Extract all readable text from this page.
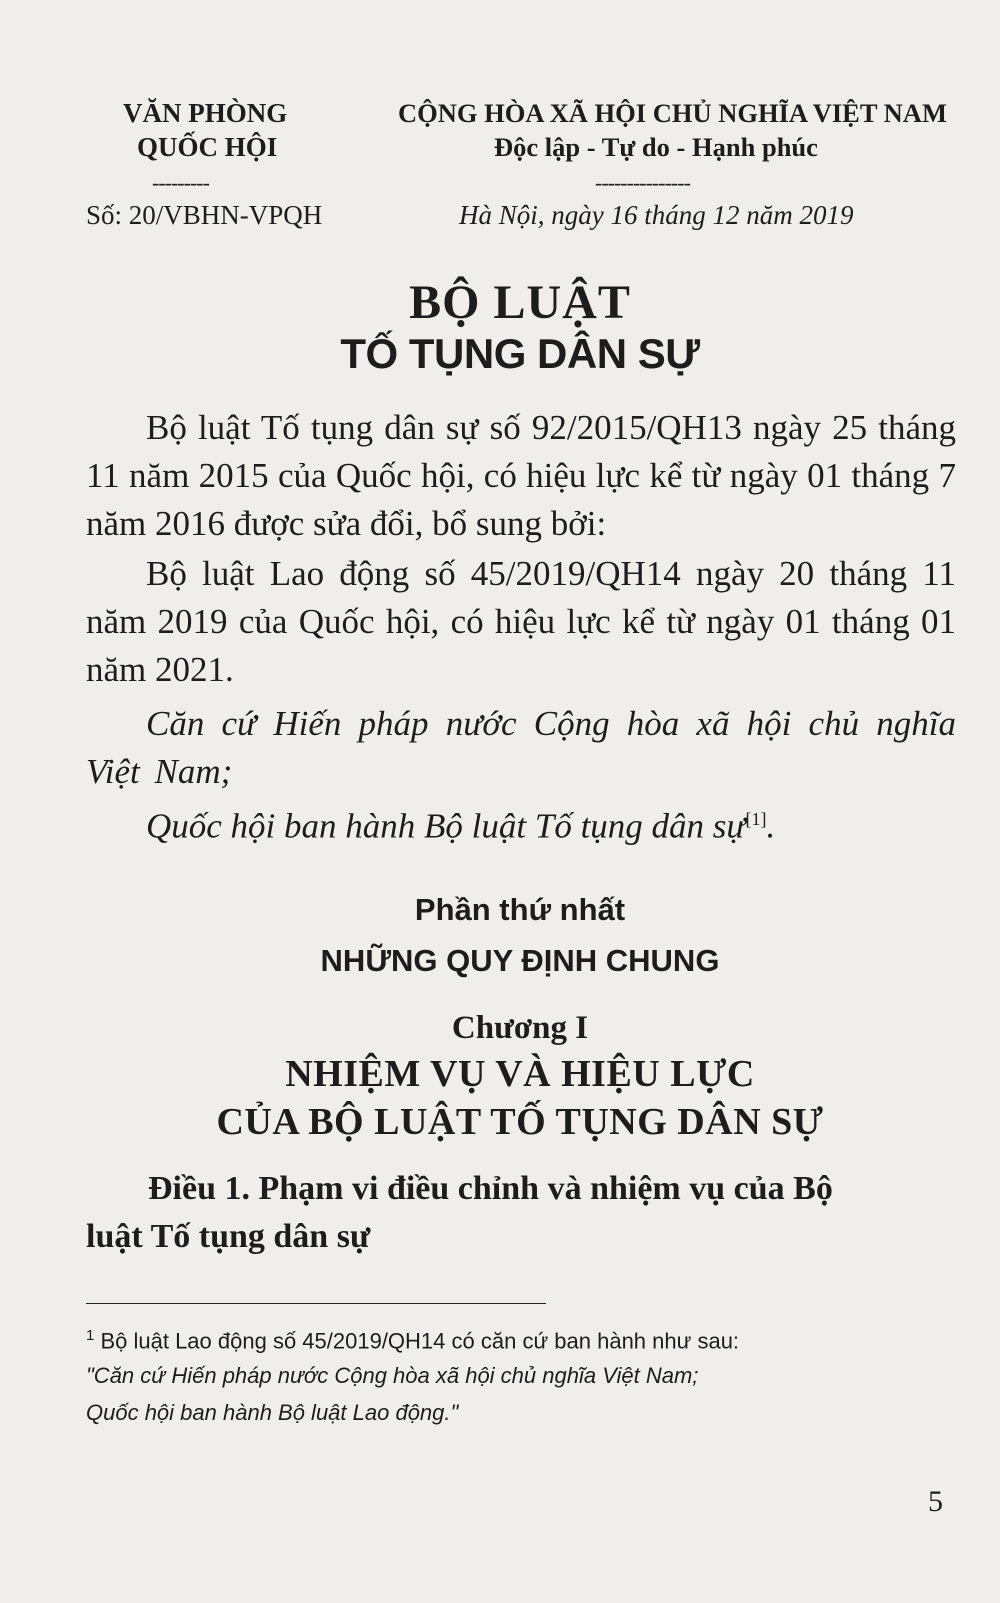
VĂN PHÒNG
QUỐC HỘI
---------
Số: 20/VBHN-VPQH
CỘNG HÒA XÃ HỘI CHỦ NGHĨA VIỆT NAM
Độc lập - Tự do - Hạnh phúc
---------------
Hà Nội, ngày 16 tháng 12 năm 2019
BỘ LUẬT
TỐ TỤNG DÂN SỰ
Bộ luật Tố tụng dân sự số 92/2015/QH13 ngày 25 tháng 11 năm 2015 của Quốc hội, có hiệu lực kể từ ngày 01 tháng 7 năm 2016 được sửa đổi, bổ sung bởi:
Bộ luật Lao động số 45/2019/QH14 ngày 20 tháng 11 năm 2019 của Quốc hội, có hiệu lực kể từ ngày 01 tháng 01 năm 2021.
Căn cứ Hiến pháp nước Cộng hòa xã hội chủ nghĩa Việt Nam;
Quốc hội ban hành Bộ luật Tố tụng dân sự[1].
Phần thứ nhất
NHỮNG QUY ĐỊNH CHUNG
Chương I
NHIỆM VỤ VÀ HIỆU LỰC
CỦA BỘ LUẬT TỐ TỤNG DÂN SỰ
Điều 1. Phạm vi điều chỉnh và nhiệm vụ của Bộ
luật Tố tụng dân sự
$^1$ Bộ luật Lao động số 45/2019/QH14 có căn cứ ban hành như sau:
"Căn cứ Hiến pháp nước Cộng hòa xã hội chủ nghĩa Việt Nam;
Quốc hội ban hành Bộ luật Lao động."
5
